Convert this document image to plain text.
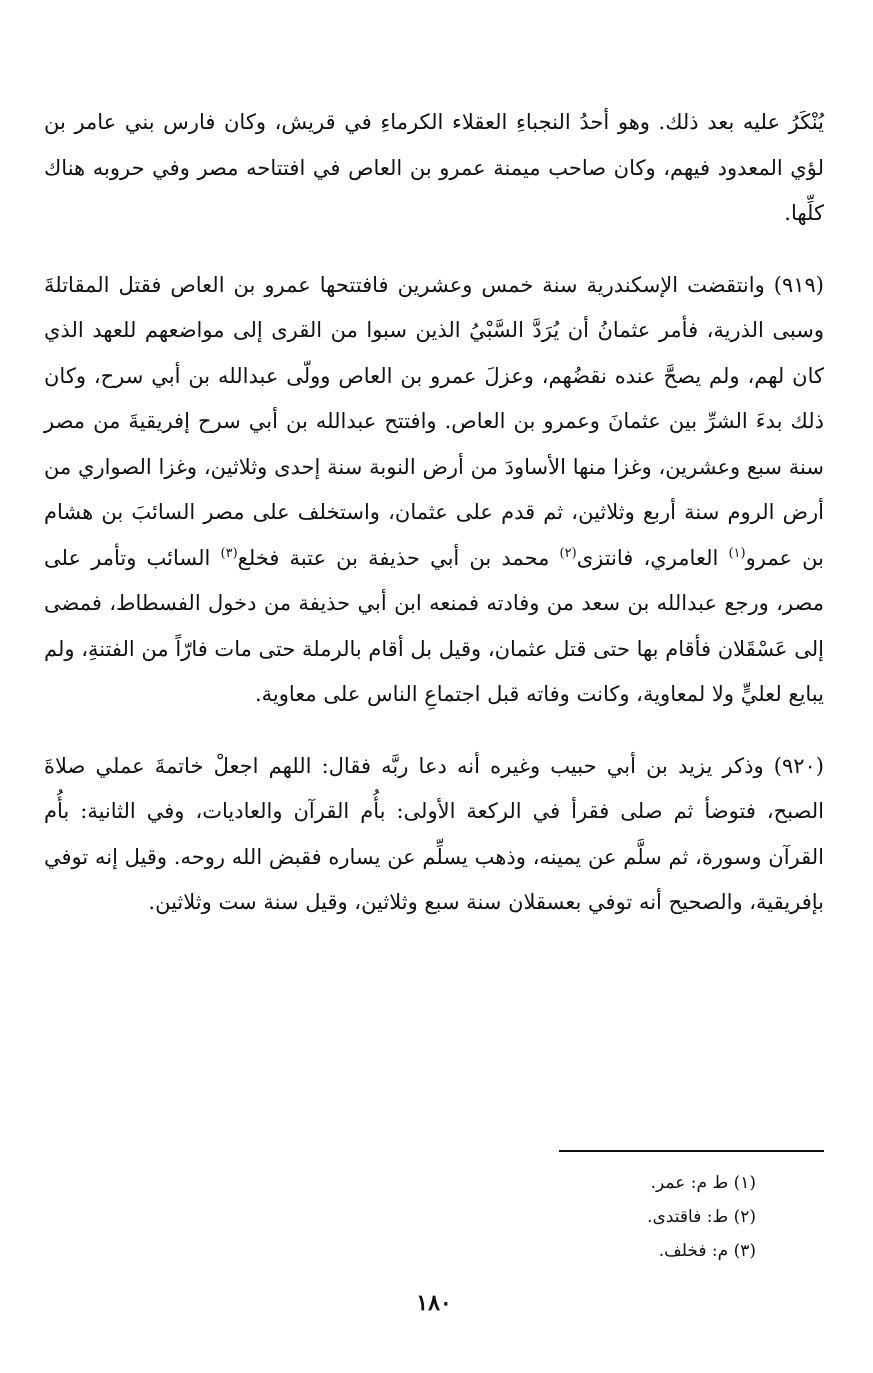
يُنْكَرُ عليه بعد ذلك. وهو أحدُ النجباءِ العقلاء الكرماءِ في قريش، وكان فارس بني عامر بن لؤي المعدود فيهم، وكان صاحب ميمنة عمرو بن العاص في افتتاحه مصر وفي حروبه هناك كلِّها.

(٩١٩) وانتقضت الإسكندرية سنة خمس وعشرين فافتتحها عمرو بن العاص فقتل المقاتلةَ وسبى الذرية، فأمر عثمانُ أن يُرَدَّ السَّبْيُ الذين سبوا من القرى إلى مواضعهم للعهد الذي كان لهم، ولم يصحَّ عنده نقضُهم، وعزلَ عمرو بن العاص وولّى عبدالله بن أبي سرح، وكان ذلك بدءَ الشرِّ بين عثمانَ وعمرو بن العاص. وافتتح عبدالله بن أبي سرح إفريقيةَ من مصر سنة سبع وعشرين، وغزا منها الأساودَ من أرض النوبة سنة إحدى وثلاثين، وغزا الصواري من أرض الروم سنة أربع وثلاثين، ثم قدم على عثمان، واستخلف على مصر السائبَ بن هشام بن عمرو$^{(١)}$ العامري، فانتزى$^{(٢)}$ محمد بن أبي حذيفة بن عتبة فخلع$^{(٣)}$ السائب وتأمر على مصر، ورجع عبدالله بن سعد من وفادته فمنعه ابن أبي حذيفة من دخول الفسطاط، فمضى إلى عَسْقَلان فأقام بها حتى قتل عثمان، وقيل بل أقام بالرملة حتى مات فارّاً من الفتنةِ، ولم يبايع لعليٍّ ولا لمعاوية، وكانت وفاته قبل اجتماعِ الناس على معاوية.

(٩٢٠) وذكر يزيد بن أبي حبيب وغيره أنه دعا ربَّه فقال: اللهم اجعلْ خاتمةَ عملي صلاةَ الصبح، فتوضأ ثم صلى فقرأ في الركعة الأولى: بأُم القرآن والعاديات، وفي الثانية: بأُم القرآن وسورة، ثم سلَّم عن يمينه، وذهب يسلِّم عن يساره فقبض الله روحه. وقيل إنه توفي بإفريقية، والصحيح أنه توفي بعسقلان سنة سبع وثلاثين، وقيل سنة ست وثلاثين.

(١) ط م: عمر.
(٢) ط: فاقتدى.
(٣) م: فخلف.
١٨٠
